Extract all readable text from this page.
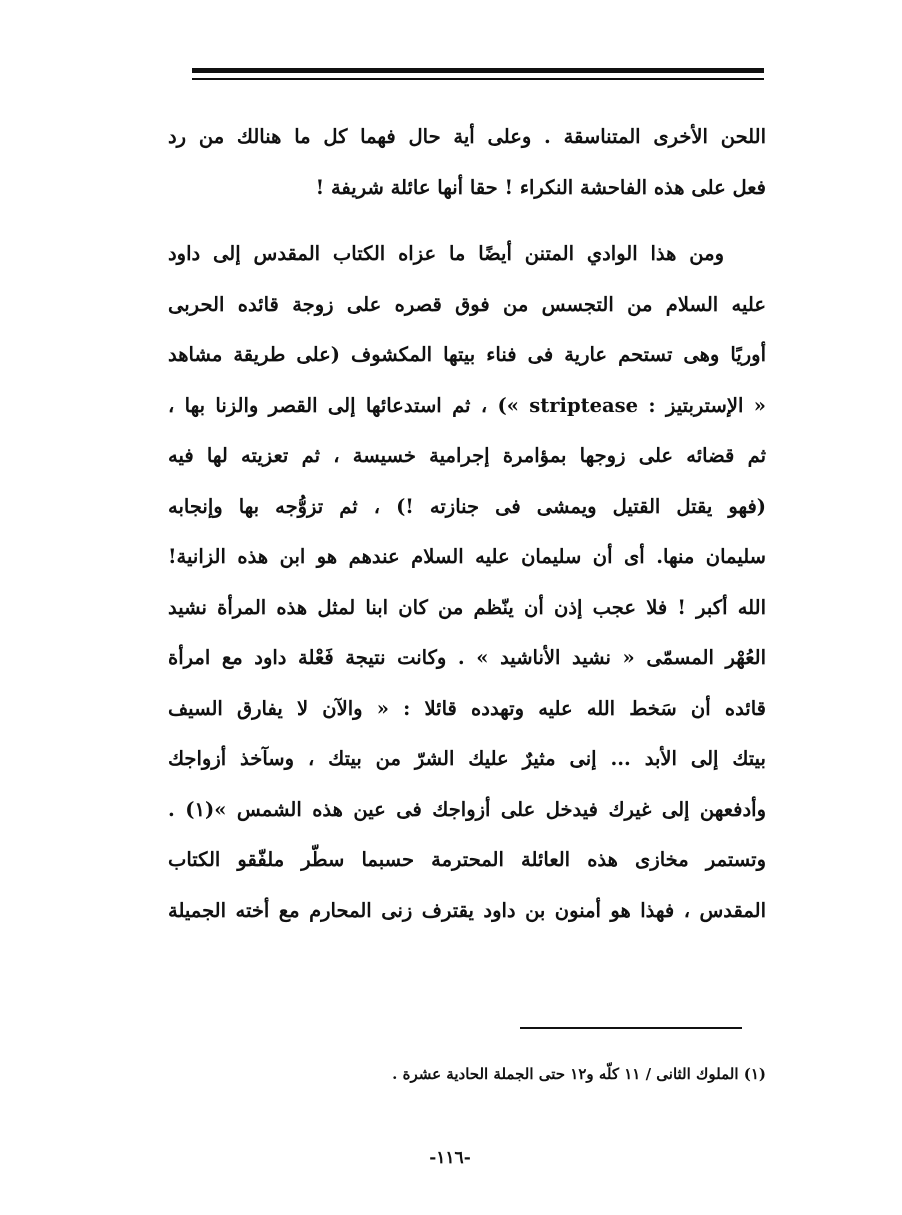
اللحن الأخرى المتناسقة . وعلى أية حال فهما كل ما هنالك من رد
فعل على هذه الفاحشة النكراء ! حقا أنها عائلة شريفة !
ومن هذا الوادي المتنن أيضًا ما عزاه الكتاب المقدس إلى داود
عليه السلام من التجسس من فوق قصره على زوجة قائده الحربى
أوريًا وهى تستحم عارية فى فناء بيتها المكشوف (على طريقة مشاهد
« الإستربتيز : striptease ») ، ثم استدعائها إلى القصر والزنا بها ،
ثم قضائه على زوجها بمؤامرة إجرامية خسيسة ، ثم تعزيته لها فيه
(فهو يقتل القتيل ويمشى فى جنازته !) ، ثم تزوُّجه بها وإنجابه
سليمان منها. أى أن سليمان عليه السلام عندهم هو ابن هذه الزانية!
الله أكبر ! فلا عجب إذن أن ينّظم من كان ابنا لمثل هذه المرأة نشيد
العُهْر المسمّى « نشيد الأناشيد » . وكانت نتيجة فَعْلة داود مع امرأة
قائده أن سَخط الله عليه وتهدده قائلا : « والآن لا يفارق السيف
بيتك إلى الأبد ... إنى مثيرٌ عليك الشرّ من بيتك ، وسآخذ أزواجك
وأدفعهن إلى غيرك فيدخل على أزواجك فى عين هذه الشمس »(١) .
وتستمر مخازى هذه العائلة المحترمة حسبما سطّر ملفّقو الكتاب
المقدس ، فهذا هو أمنون بن داود يقترف زنى المحارم مع أخته الجميلة
(١) الملوك الثانى / ١١ كلّه و١٢ حتى الجملة الحادية عشرة .
-١١٦-
